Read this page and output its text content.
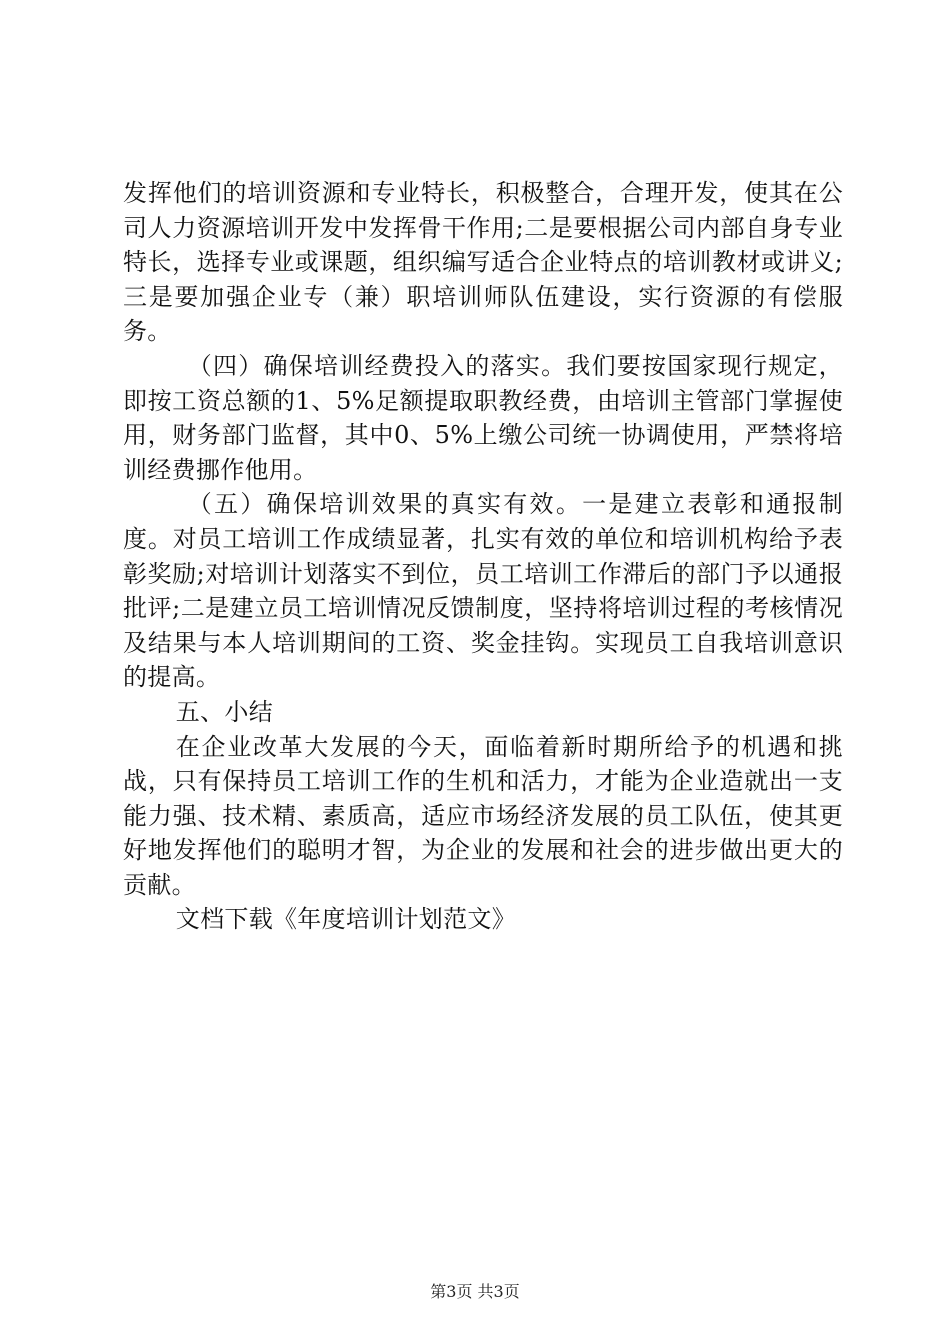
发挥他们的培训资源和专业特长，积极整合，合理开发，使其在公司人力资源培训开发中发挥骨干作用;二是要根据公司内部自身专业特长，选择专业或课题，组织编写适合企业特点的培训教材或讲义;三是要加强企业专（兼）职培训师队伍建设，实行资源的有偿服务。

（四）确保培训经费投入的落实。我们要按国家现行规定，即按工资总额的1、5%足额提取职教经费，由培训主管部门掌握使用，财务部门监督，其中0、5%上缴公司统一协调使用，严禁将培训经费挪作他用。

（五）确保培训效果的真实有效。一是建立表彰和通报制度。对员工培训工作成绩显著，扎实有效的单位和培训机构给予表彰奖励;对培训计划落实不到位，员工培训工作滞后的部门予以通报批评;二是建立员工培训情况反馈制度，坚持将培训过程的考核情况及结果与本人培训期间的工资、奖金挂钩。实现员工自我培训意识的提高。

五、小结

在企业改革大发展的今天，面临着新时期所给予的机遇和挑战，只有保持员工培训工作的生机和活力，才能为企业造就出一支能力强、技术精、素质高，适应市场经济发展的员工队伍，使其更好地发挥他们的聪明才智，为企业的发展和社会的进步做出更大的贡献。

文档下载《年度培训计划范文》

第3页 共3页
